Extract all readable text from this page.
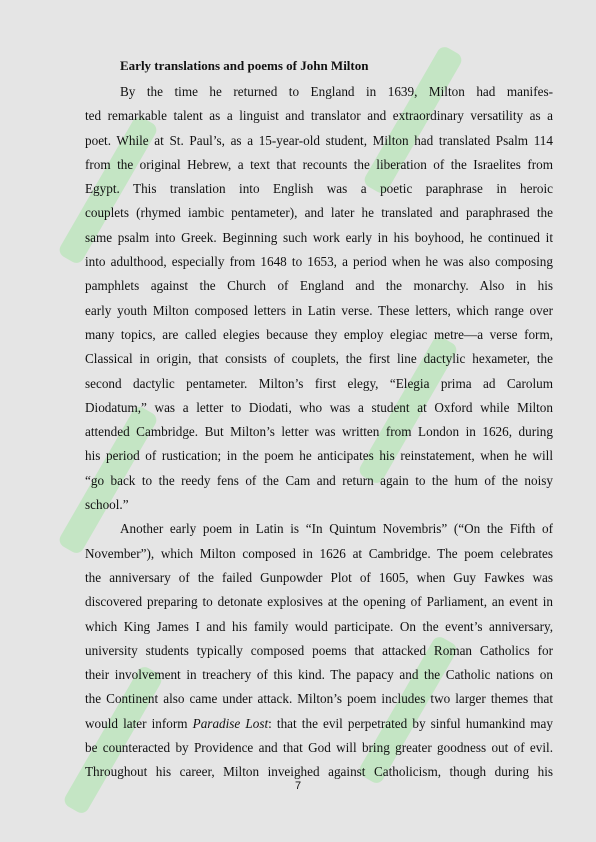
Early translations and poems of John Milton

By the time he returned to England in 1639, Milton had manifes-
ted remarkable talent as a linguist and translator and extraordinary versatility as a
poet. While at St. Paul’s, as a 15-year-old student, Milton had translated Psalm 114
from the original Hebrew, a text that recounts the liberation of the Israelites from
Egypt. This translation into English was a poetic paraphrase in heroic
couplets (rhymed iambic pentameter), and later he translated and paraphrased the
same psalm into Greek. Beginning such work early in his boyhood, he continued it
into adulthood, especially from 1648 to 1653, a period when he was also composing
pamphlets against the Church of England and the monarchy. Also in his
early youth Milton composed letters in Latin verse. These letters, which range over
many topics, are called elegies because they employ elegiac metre—a verse form,
Classical in origin, that consists of couplets, the first line dactylic hexameter, the
second dactylic pentameter. Milton’s first elegy, “Elegia prima ad Carolum
Diodatum,” was a letter to Diodati, who was a student at Oxford while Milton
attended Cambridge. But Milton’s letter was written from London in 1626, during
his period of rustication; in the poem he anticipates his reinstatement, when he will
“go back to the reedy fens of the Cam and return again to the hum of the noisy
school.”
Another early poem in Latin is “In Quintum Novembris” (“On the Fifth of
November”), which Milton composed in 1626 at Cambridge. The poem celebrates
the anniversary of the failed Gunpowder Plot of 1605, when Guy Fawkes was
discovered preparing to detonate explosives at the opening of Parliament, an event in
which King James I and his family would participate. On the event’s anniversary,
university students typically composed poems that attacked Roman Catholics for
their involvement in treachery of this kind. The papacy and the Catholic nations on
the Continent also came under attack. Milton’s poem includes two larger themes that
would later inform Paradise Lost: that the evil perpetrated by sinful humankind may
be counteracted by Providence and that God will bring greater goodness out of evil.
Throughout his career, Milton inveighed against Catholicism, though during his
7
